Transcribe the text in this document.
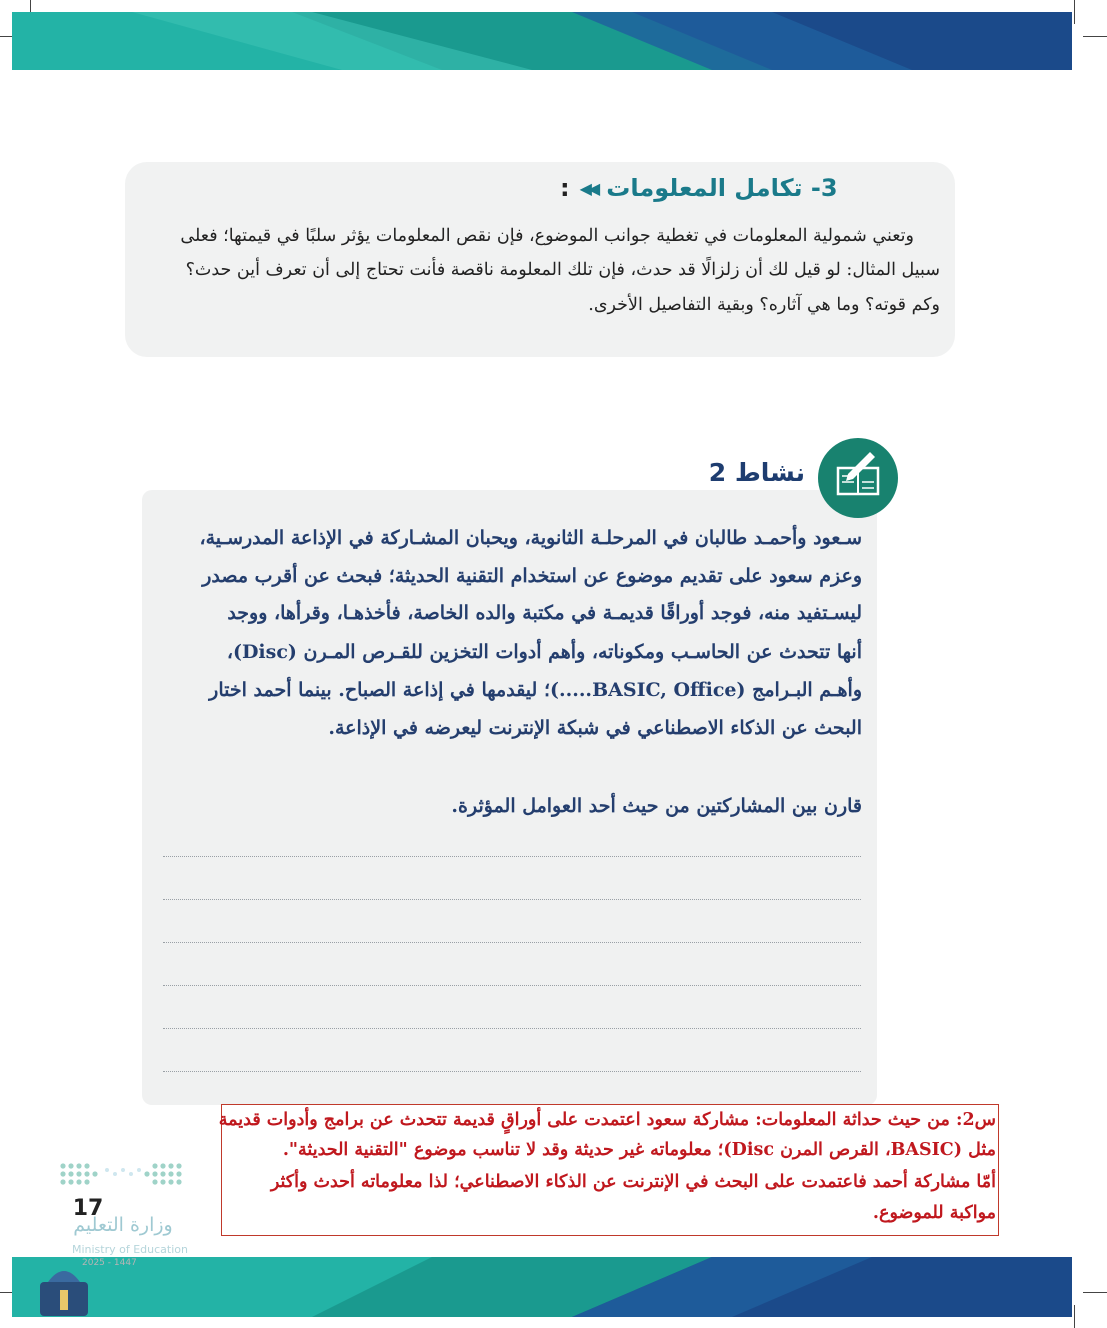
3- تكامل المعلومات
◀◀
:
وتعني شمولية المعلومات في تغطية جوانب الموضوع، فإن نقص المعلومات يؤثر سلبًا في قيمتها؛ فعلى
سبيل المثال: لو قيل لك أن زلزالًا قد حدث، فإن تلك المعلومة ناقصة فأنت تحتاج إلى أن تعرف أين حدث؟
وكم قوته؟ وما هي آثاره؟ وبقية التفاصيل الأخرى.
نشاط 2
سـعود وأحمـد طالبان في المرحلـة الثانوية، ويحبان المشـاركة في الإذاعة المدرسـية،
وعزم سعود على تقديم موضوع عن استخدام التقنية الحديثة؛ فبحث عن أقرب مصدر
ليسـتفيد منه، فوجد أوراقًا قديمـة في مكتبة والده الخاصة، فأخذهـا، وقرأها، ووجد
أنها تتحدث عن الحاسـب ومكوناته، وأهم أدوات التخزين للقـرص المـرن (Disc)،
وأهـم البـرامج (BASIC, Office.....)؛ ليقدمها في إذاعة الصباح. بينما أحمد اختار
البحث عن الذكاء الاصطناعي في شبكة الإنترنت ليعرضه في الإذاعة.
قارن بين المشاركتين من حيث أحد العوامل المؤثرة.
س2: من حيث حداثة المعلومات: مشاركة سعود اعتمدت على أوراقٍ قديمة تتحدث عن برامج وأدوات قديمة
مثل (BASIC، القرص المرن Disc)؛ معلوماته غير حديثة وقد لا تناسب موضوع "التقنية الحديثة".
أمّا مشاركة أحمد فاعتمدت على البحث في الإنترنت عن الذكاء الاصطناعي؛ لذا معلوماته أحدث وأكثر
مواكبة للموضوع.
وزارة التعليم
Ministry of Education
17
2025 - 1447
